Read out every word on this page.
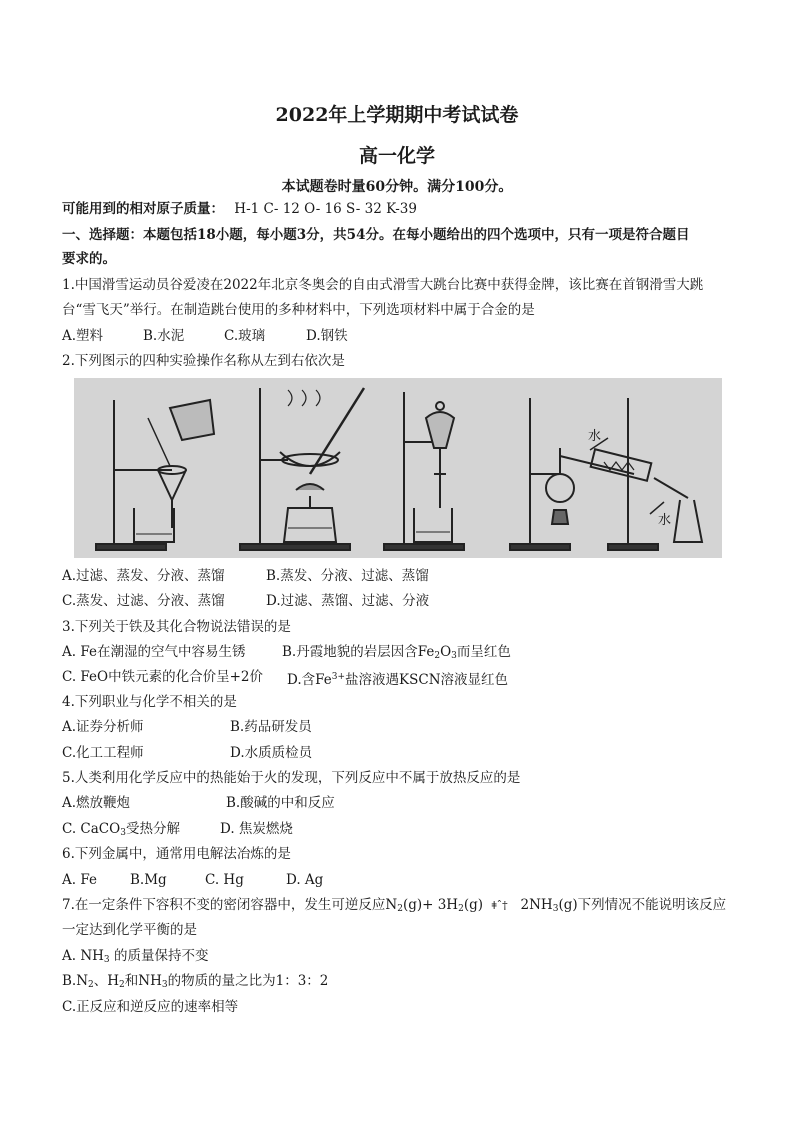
2022年上学期期中考试试卷
高一化学
本试题卷时量60分钟。满分100分。
可能用到的相对原子质量： H-1 C- 12 O- 16 S- 32 K-39
一、选择题：本题包括18小题，每小题3分，共54分。在每小题给出的四个选项中，只有一项是符合题目
要求的。
1.中国滑雪运动员谷爱凌在2022年北京冬奥会的自由式滑雪大跳台比赛中获得金牌，该比赛在首钢滑雪大跳
台“雪飞天”举行。在制造跳台使用的多种材料中，下列选项材料中属于合金的是
A.塑料	B.水泥	C.玻璃	D.钢铁
2.下列图示的四种实验操作名称从左到右依次是
水
水
A.过滤、蒸发、分液、蒸馏	B.蒸发、分液、过滤、蒸馏
C.蒸发、过滤、分液、蒸馏	D.过滤、蒸馏、过滤、分液
3.下列关于铁及其化合物说法错误的是
A. Fe在潮湿的空气中容易生锈	B.丹霞地貌的岩层因含$Fe_2O_3$而呈红色
C. FeO中铁元素的化合价呈+2价 D.含$Fe^{3+}$盐溶液遇KSCN溶液显红色
4.下列职业与化学不相关的是
A.证券分析师	B.药品研发员
C.化工工程师	D.水质质检员
5.人类利用化学反应中的热能始于火的发现，下列反应中不属于放热反应的是
A.燃放鞭炮	B.酸碱的中和反应
C. CaCO$_3$受热分解	D. 焦炭燃烧
6.下列金属中，通常用电解法冶炼的是
A. Fe B.Mg	C. Hg	D. Ag
7.在一定条件下容积不变的密闭容器中，发生可逆反应$N_2(g)+ 3H_2(g)$  ǂˆ†   $2NH_3(g)$下列情况不能说明该反应
一定达到化学平衡的是
A. $NH_3$ 的质量保持不变
$B.N_2$、$H_2$和$NH_3$的物质的量之比为1：3：2
C.正反应和逆反应的速率相等
